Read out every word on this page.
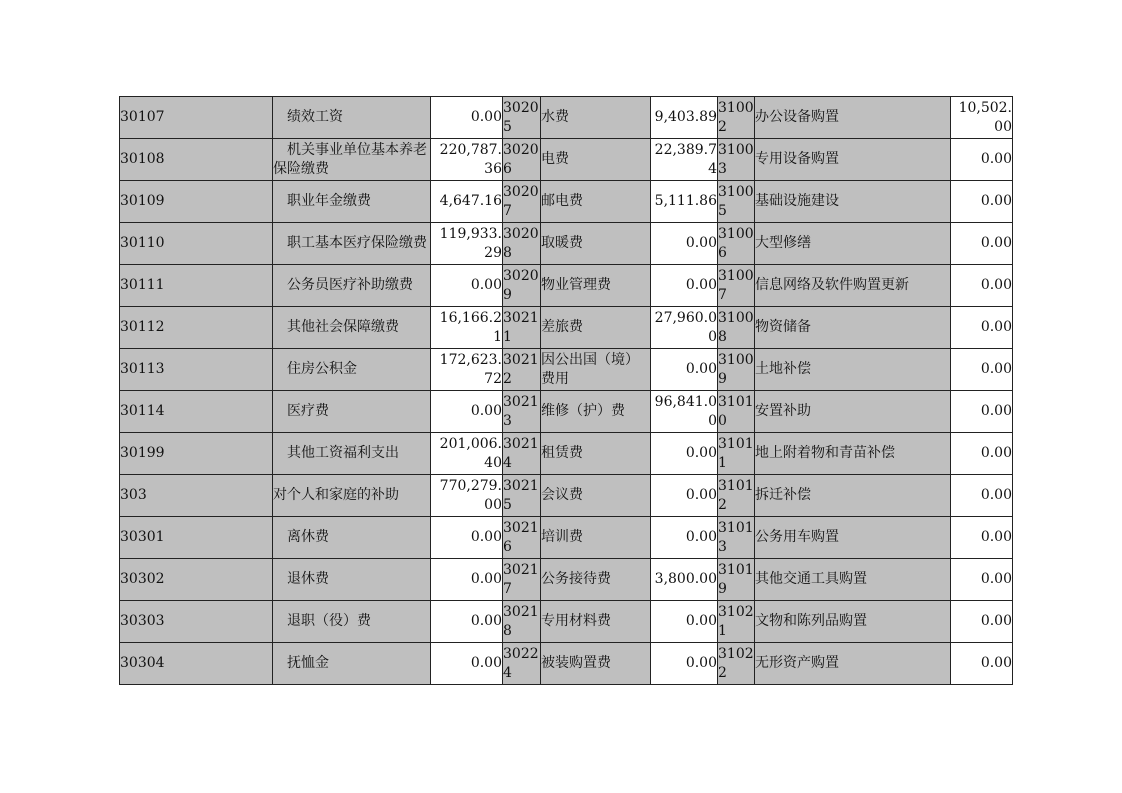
30107	绩效工资	0.00	30205	水费	9,403.89	31002	办公设备购置	10,502.00
30108	机关事业单位基本养老保险缴费	220,787.36	30206	电费	22,389.74	31003	专用设备购置	0.00
30109	职业年金缴费	4,647.16	30207	邮电费	5,111.86	31005	基础设施建设	0.00
30110	职工基本医疗保险缴费	119,933.29	30208	取暖费	0.00	31006	大型修缮	0.00
30111	公务员医疗补助缴费	0.00	30209	物业管理费	0.00	31007	信息网络及软件购置更新	0.00
30112	其他社会保障缴费	16,166.21	30211	差旅费	27,960.00	31008	物资储备	0.00
30113	住房公积金	172,623.72	30212	因公出国（境）费用	0.00	31009	土地补偿	0.00
30114	医疗费	0.00	30213	维修（护）费	96,841.00	31010	安置补助	0.00
30199	其他工资福利支出	201,006.40	30214	租赁费	0.00	31011	地上附着物和青苗补偿	0.00
303	对个人和家庭的补助	770,279.00	30215	会议费	0.00	31012	拆迁补偿	0.00
30301	离休费	0.00	30216	培训费	0.00	31013	公务用车购置	0.00
30302	退休费	0.00	30217	公务接待费	3,800.00	31019	其他交通工具购置	0.00
30303	退职（役）费	0.00	30218	专用材料费	0.00	31021	文物和陈列品购置	0.00
30304	抚恤金	0.00	30224	被装购置费	0.00	31022	无形资产购置	0.00
